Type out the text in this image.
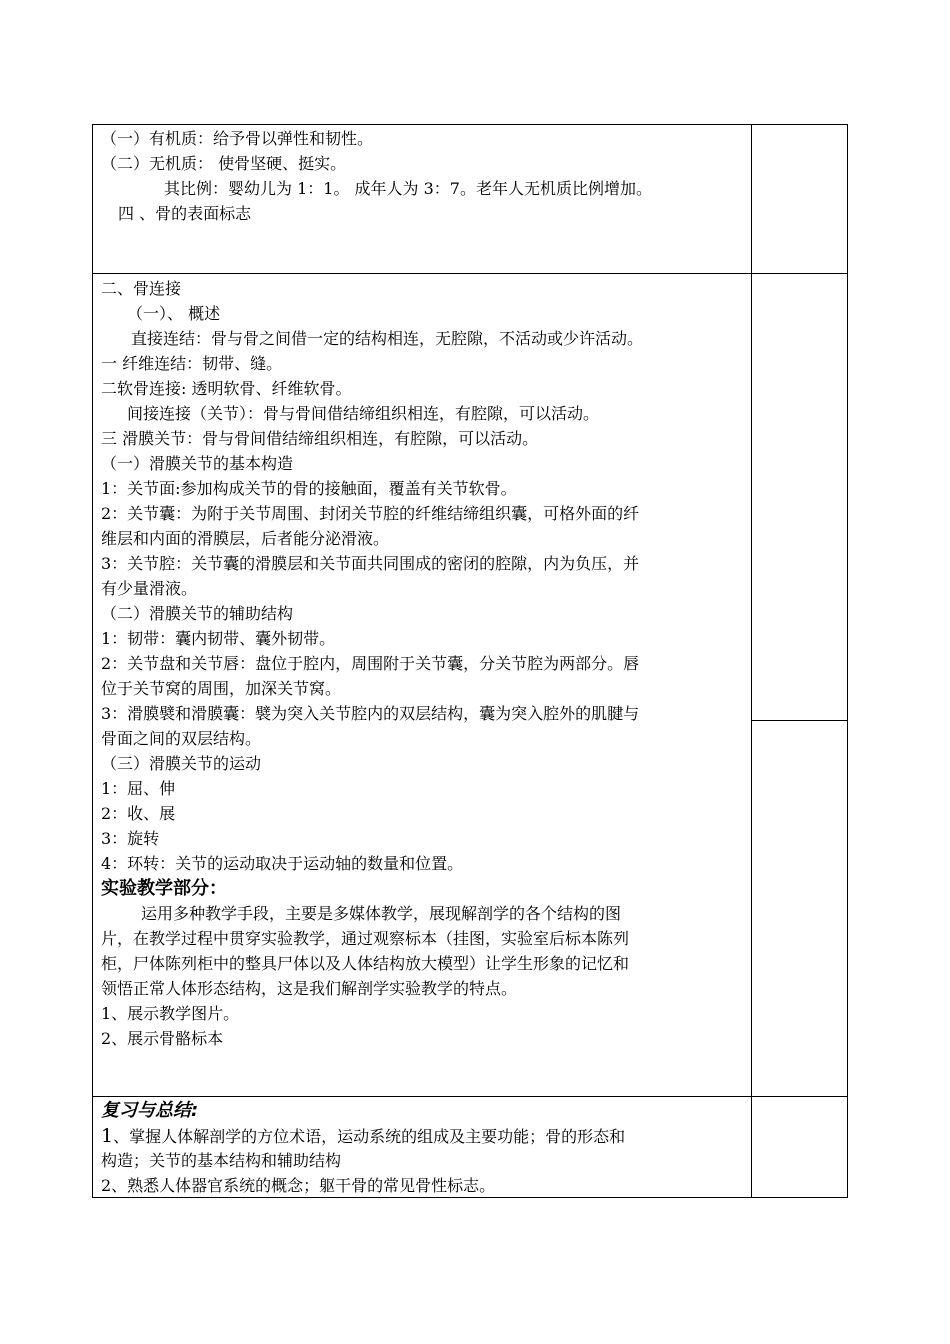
（一）有机质：给予骨以弹性和韧性。
（二）无机质： 使骨坚硬、挺实。
其比例：婴幼儿为 1：1。 成年人为 3：7。老年人无机质比例增加。
四 、骨的表面标志
二、骨连接
（一）、 概述
直接连结：骨与骨之间借一定的结构相连，无腔隙，不活动或少许活动。
一 纤维连结：韧带、缝。
二软骨连接: 透明软骨、纤维软骨。
间接连接（关节）：骨与骨间借结缔组织相连，有腔隙，可以活动。
三 滑膜关节：骨与骨间借结缔组织相连，有腔隙，可以活动。
（一）滑膜关节的基本构造
1：关节面:参加构成关节的骨的接触面，覆盖有关节软骨。
2：关节囊：为附于关节周围、封闭关节腔的纤维结缔组织囊，可格外面的纤
维层和内面的滑膜层，后者能分泌滑液。
3：关节腔：关节囊的滑膜层和关节面共同围成的密闭的腔隙，内为负压，并
有少量滑液。
（二）滑膜关节的辅助结构
1：韧带：囊内韧带、囊外韧带。
2：关节盘和关节唇：盘位于腔内，周围附于关节囊，分关节腔为两部分。唇
位于关节窝的周围，加深关节窝。
3：滑膜襞和滑膜囊：襞为突入关节腔内的双层结构，囊为突入腔外的肌腱与
骨面之间的双层结构。
（三）滑膜关节的运动
1：屈、伸
2：收、展
3：旋转
4：环转：关节的运动取决于运动轴的数量和位置。
实验教学部分：
运用多种教学手段，主要是多媒体教学，展现解剖学的各个结构的图
片，在教学过程中贯穿实验教学，通过观察标本（挂图，实验室后标本陈列
柜，尸体陈列柜中的整具尸体以及人体结构放大模型）让学生形象的记忆和
领悟正常人体形态结构，这是我们解剖学实验教学的特点。
1、展示教学图片。
2、展示骨骼标本
复习与总结:
1、掌握人体解剖学的方位术语，运动系统的组成及主要功能；骨的形态和
构造；关节的基本结构和辅助结构
2、熟悉人体器官系统的概念；躯干骨的常见骨性标志。
